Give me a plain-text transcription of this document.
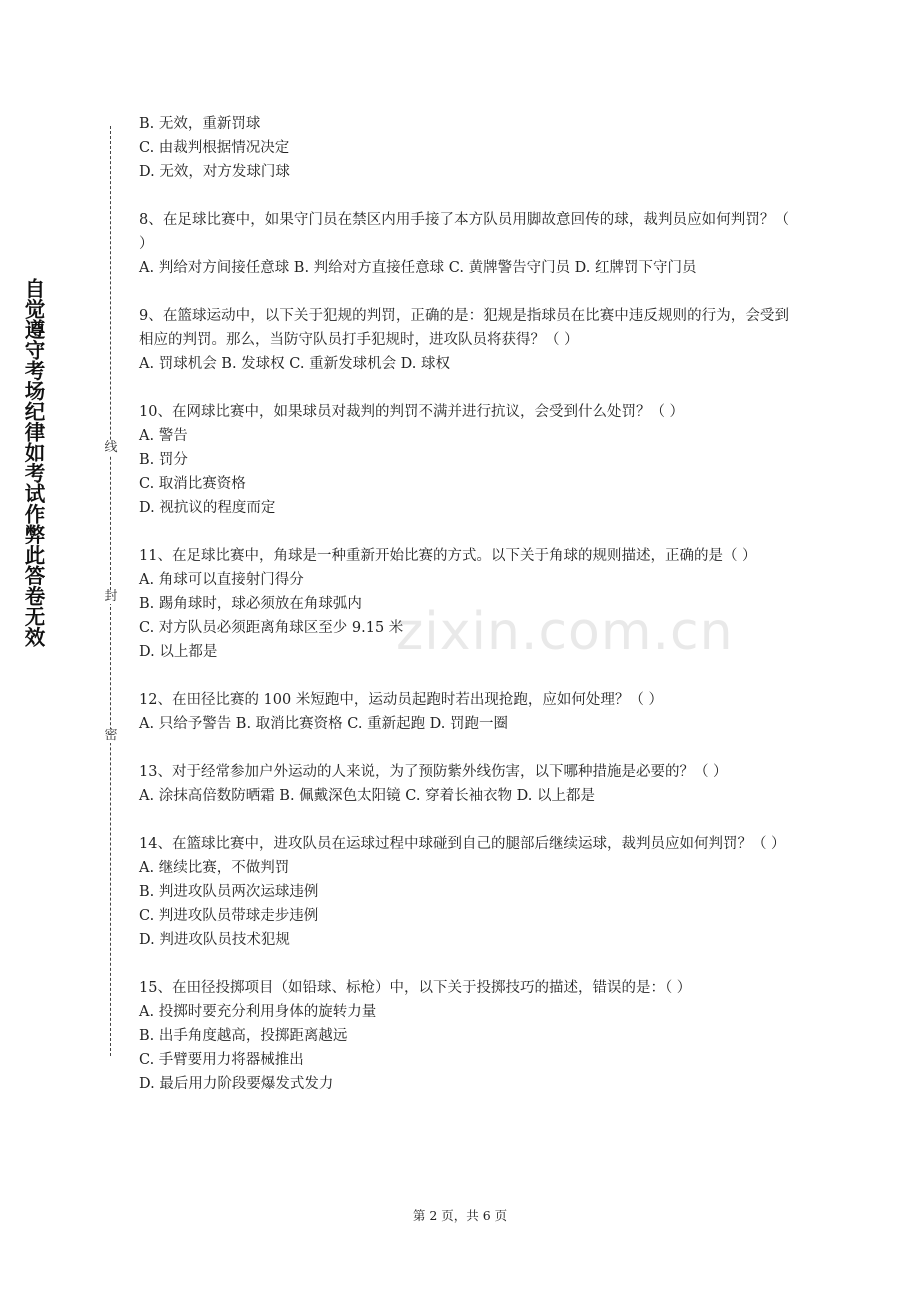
自觉遵守考场纪律如考试作弊此答卷无效	线
封
密
zixin.com.cn
B. 无效，重新罚球
C. 由裁判根据情况决定
D. 无效，对方发球门球
8、在足球比赛中，如果守门员在禁区内用手接了本方队员用脚故意回传的球，裁判员应如何判罚？（ ）
A. 判给对方间接任意球 B. 判给对方直接任意球 C. 黄牌警告守门员 D. 红牌罚下守门员
9、在篮球运动中，以下关于犯规的判罚，正确的是：犯规是指球员在比赛中违反规则的行为，会受到相应的判罚。那么，当防守队员打手犯规时，进攻队员将获得？（ ）
A. 罚球机会 B. 发球权 C. 重新发球机会 D. 球权
10、在网球比赛中，如果球员对裁判的判罚不满并进行抗议，会受到什么处罚？（ ）
A. 警告
B. 罚分
C. 取消比赛资格
D. 视抗议的程度而定
11、在足球比赛中，角球是一种重新开始比赛的方式。以下关于角球的规则描述，正确的是（ ）
A. 角球可以直接射门得分
B. 踢角球时，球必须放在角球弧内
C. 对方队员必须距离角球区至少 9.15 米
D. 以上都是
12、在田径比赛的 100 米短跑中，运动员起跑时若出现抢跑，应如何处理？（ ）
A. 只给予警告 B. 取消比赛资格 C. 重新起跑 D. 罚跑一圈
13、对于经常参加户外运动的人来说，为了预防紫外线伤害，以下哪种措施是必要的？（ ）
A. 涂抹高倍数防晒霜 B. 佩戴深色太阳镜 C. 穿着长袖衣物 D. 以上都是
14、在篮球比赛中，进攻队员在运球过程中球碰到自己的腿部后继续运球，裁判员应如何判罚？（ ）
A. 继续比赛，不做判罚
B. 判进攻队员两次运球违例
C. 判进攻队员带球走步违例
D. 判进攻队员技术犯规
15、在田径投掷项目（如铅球、标枪）中，以下关于投掷技巧的描述，错误的是：（ ）
A. 投掷时要充分利用身体的旋转力量
B. 出手角度越高，投掷距离越远
C. 手臂要用力将器械推出
D. 最后用力阶段要爆发式发力
第 2 页，共 6 页
